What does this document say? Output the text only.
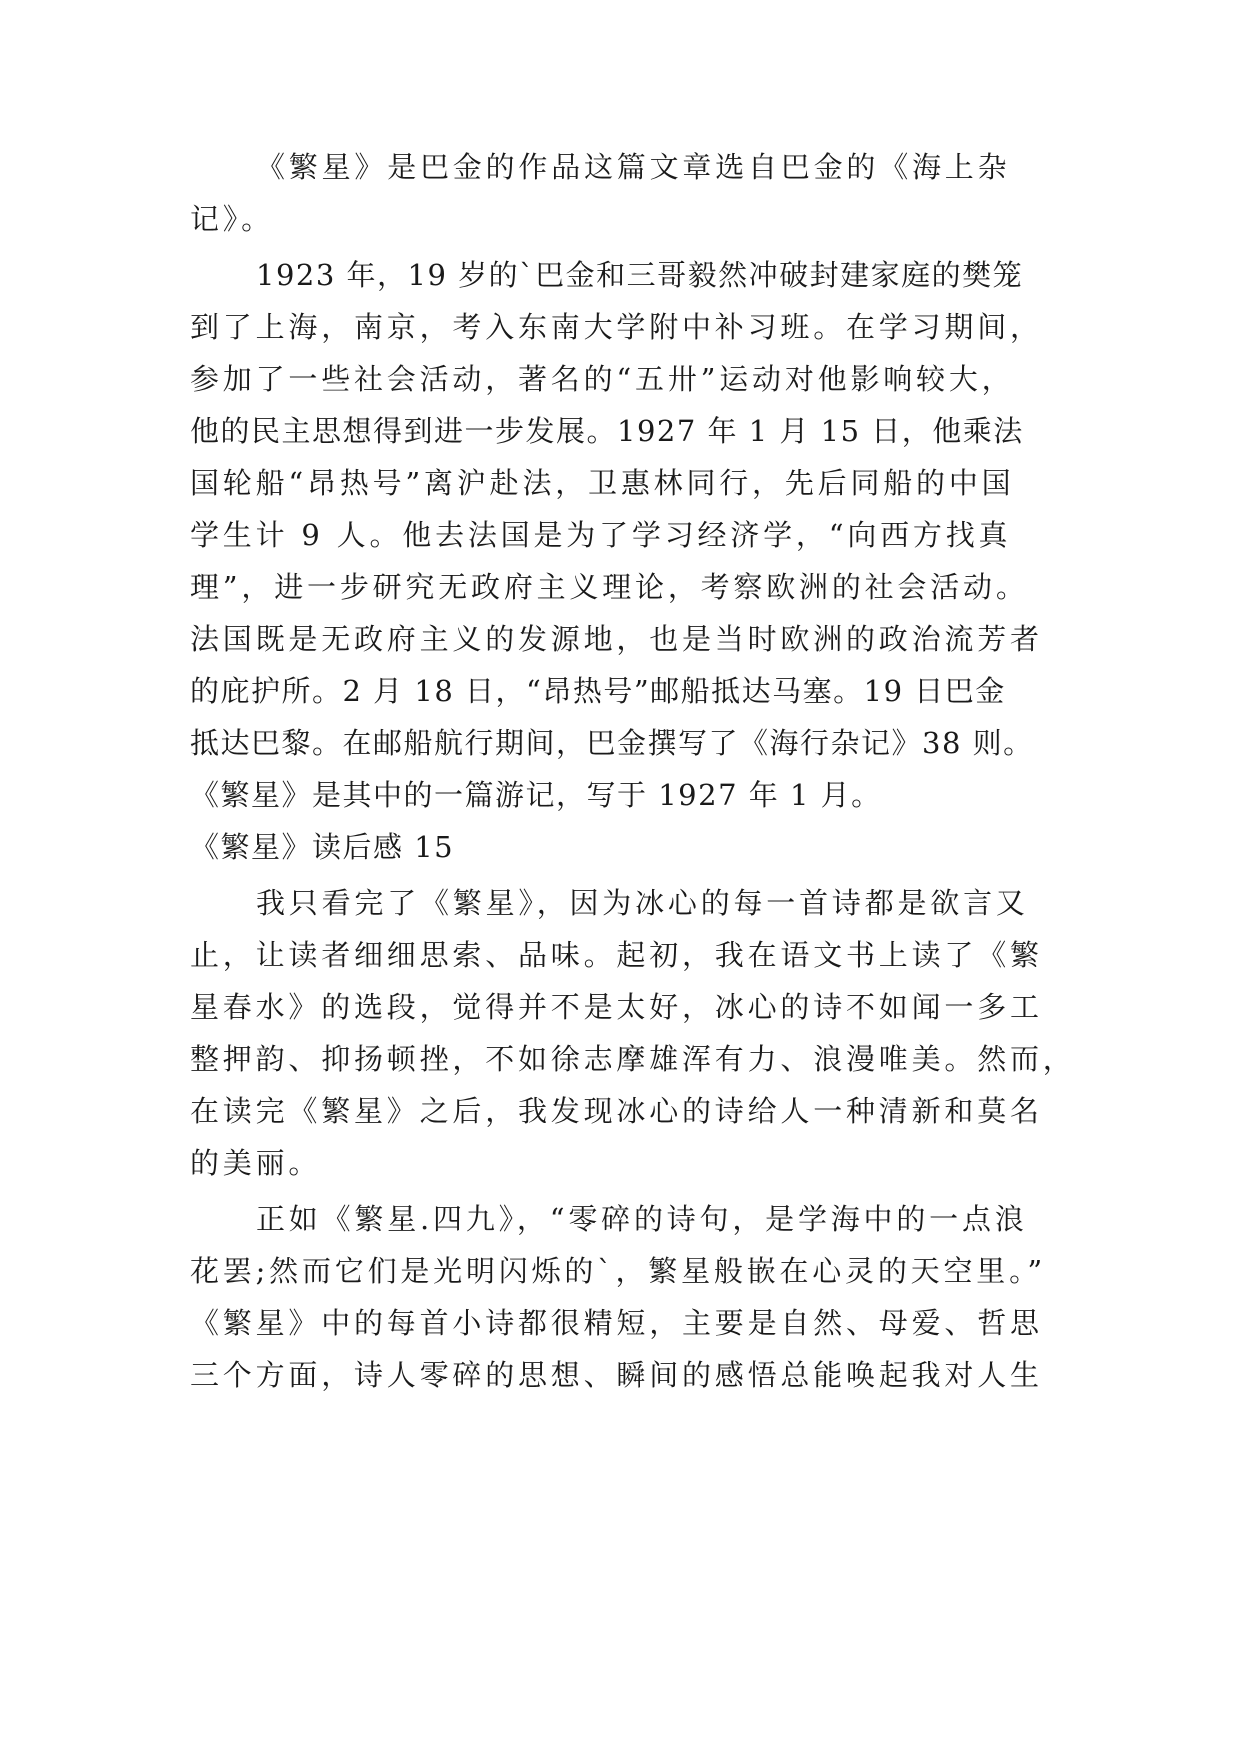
《繁星》是巴金的作品这篇文章选自巴金的《海上杂
记》。
1923 年，19 岁的`巴金和三哥毅然冲破封建家庭的樊笼
到了上海，南京，考入东南大学附中补习班。在学习期间，
参加了一些社会活动，著名的“五卅”运动对他影响较大，
他的民主思想得到进一步发展。1927 年 1 月 15 日，他乘法
国轮船“昂热号”离沪赴法，卫惠林同行，先后同船的中国
学生计 9 人。他去法国是为了学习经济学，“向西方找真
理”，进一步研究无政府主义理论，考察欧洲的社会活动。
法国既是无政府主义的发源地，也是当时欧洲的政治流芳者
的庇护所。2 月 18 日，“昂热号”邮船抵达马塞。19 日巴金
抵达巴黎。在邮船航行期间，巴金撰写了《海行杂记》38 则。
《繁星》是其中的一篇游记，写于 1927 年 1 月。
《繁星》读后感 15
我只看完了《繁星》，因为冰心的每一首诗都是欲言又
止，让读者细细思索、品味。起初，我在语文书上读了《繁
星春水》的选段，觉得并不是太好，冰心的诗不如闻一多工
整押韵、抑扬顿挫，不如徐志摩雄浑有力、浪漫唯美。然而，
在读完《繁星》之后，我发现冰心的诗给人一种清新和莫名
的美丽。
正如《繁星.四九》，“零碎的诗句，是学海中的一点浪
花罢;然而它们是光明闪烁的`，繁星般嵌在心灵的天空里。”
《繁星》中的每首小诗都很精短，主要是自然、母爱、哲思
三个方面，诗人零碎的思想、瞬间的感悟总能唤起我对人生
